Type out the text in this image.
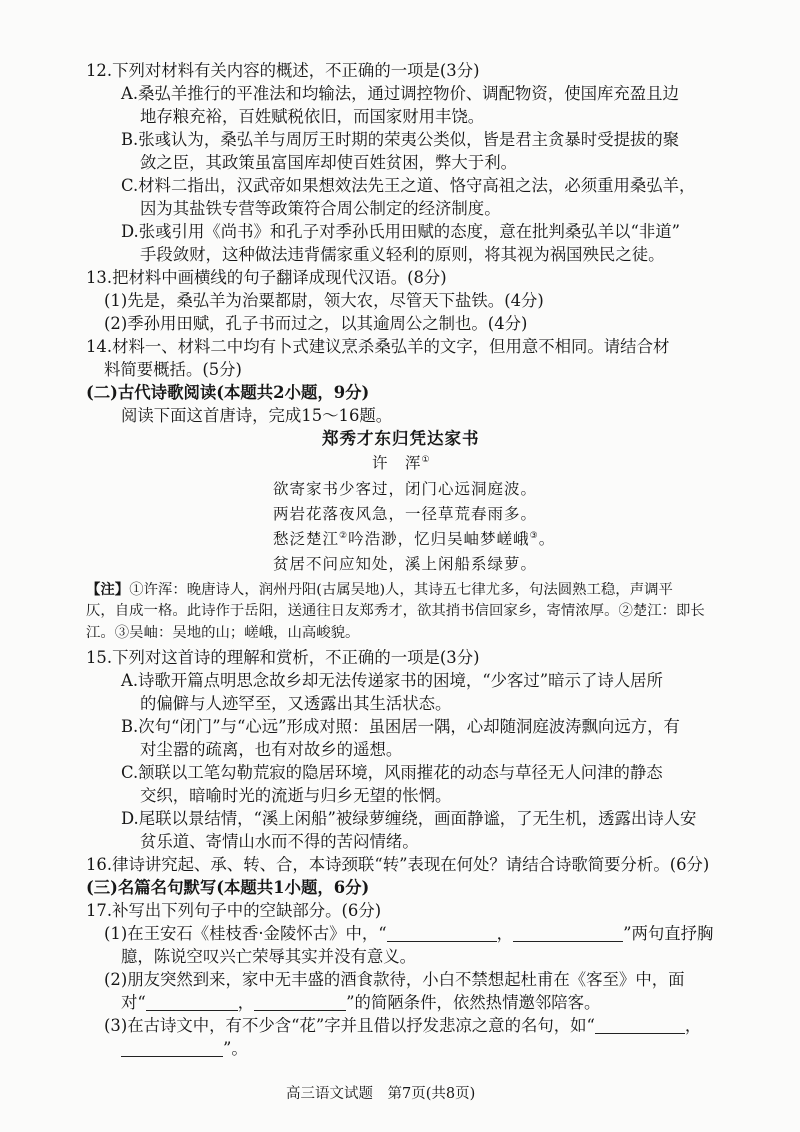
12.下列对材料有关内容的概述，不正确的一项是(3分)
A.桑弘羊推行的平准法和均输法，通过调控物价、调配物资，使国库充盈且边
地存粮充裕，百姓赋税依旧，而国家财用丰饶。
B.张彧认为，桑弘羊与周厉王时期的荣夷公类似，皆是君主贪暴时受提拔的聚
敛之臣，其政策虽富国库却使百姓贫困，弊大于利。
C.材料二指出，汉武帝如果想效法先王之道、恪守高祖之法，必须重用桑弘羊，
因为其盐铁专营等政策符合周公制定的经济制度。
D.张彧引用《尚书》和孔子对季孙氏用田赋的态度，意在批判桑弘羊以“非道”
手段敛财，这种做法违背儒家重义轻利的原则，将其视为祸国殃民之徒。
13.把材料中画横线的句子翻译成现代汉语。(8分)
(1)先是，桑弘羊为治粟都尉，领大农，尽管天下盐铁。(4分)
(2)季孙用田赋，孔子书而过之，以其逾周公之制也。(4分)
14.材料一、材料二中均有卜式建议烹杀桑弘羊的文字，但用意不相同。请结合材
料简要概括。(5分)
(二)古代诗歌阅读(本题共2小题，9分)
阅读下面这首唐诗，完成15～16题。
郑秀才东归凭达家书
许　浑①
欲寄家书少客过，闭门心远洞庭波。
两岩花落夜风急，一径草荒春雨多。
愁泛楚江②吟浩渺，忆归吴岫梦嵯峨③。
贫居不问应知处，溪上闲船系绿萝。
【注】①许浑：晚唐诗人，润州丹阳(古属吴地)人，其诗五七律尤多，句法圆熟工稳，声调平
仄，自成一格。此诗作于岳阳，送通往日友郑秀才，欲其捎书信回家乡，寄情浓厚。②楚江：即长
江。③吴岫：吴地的山；嵯峨，山高峻貌。
15.下列对这首诗的理解和赏析，不正确的一项是(3分)
A.诗歌开篇点明思念故乡却无法传递家书的困境，“少客过”暗示了诗人居所
的偏僻与人迹罕至，又透露出其生活状态。
B.次句“闭门”与“心远”形成对照：虽困居一隅，心却随洞庭波涛飘向远方，有
对尘嚣的疏离，也有对故乡的遥想。
C.颔联以工笔勾勒荒寂的隐居环境，风雨摧花的动态与草径无人问津的静态
交织，暗喻时光的流逝与归乡无望的怅惘。
D.尾联以景结情，“溪上闲船”被绿萝缠绕，画面静谧，了无生机，透露出诗人安
贫乐道、寄情山水而不得的苦闷情绪。
16.律诗讲究起、承、转、合，本诗颈联“转”表现在何处？请结合诗歌简要分析。(6分)
(三)名篇名句默写(本题共1小题，6分)
17.补写出下列句子中的空缺部分。(6分)
(1)在王安石《桂枝香·金陵怀古》中，“	，	”两句直抒胸
臆，陈说空叹兴亡荣辱其实并没有意义。
(2)朋友突然到来，家中无丰盛的酒食款待，小白不禁想起杜甫在《客至》中，面
对“	，	”的简陋条件，依然热情邀邻陪客。
(3)在古诗文中，有不少含“花”字并且借以抒发悲凉之意的名句，如“	，
”。
高三语文试题　第7页(共8页)
